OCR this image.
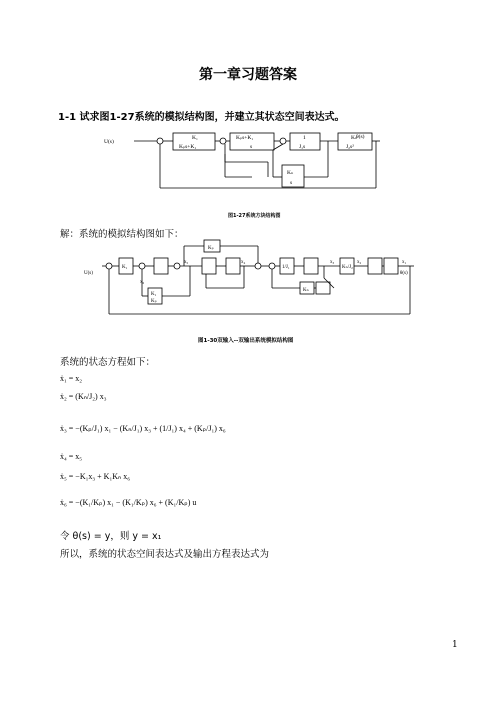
第一章习题答案
1-1 试求图1-27系统的模拟结构图，并建立其状态空间表达式。
U(s)
θ(s)
K₁
Kₚs+K₁
Kₚs+K₁
s
1
J₁s
Kₙ
J₂s²
Kₙ
s
图1-27系统方块结构图
解：系统的模拟结构图如下：
U(s)	θ(s)
Kₚ
K₁
K₁
Kₚ
x₅	x₄	x₃	x₂	x₁
x₆
Kₙ
1/J₁	Kₙ/J₂
图1-30双输入--双输出系统模拟结构图
系统的状态方程如下：
ẋ₁ = x₂
ẋ₂ = (Kₙ/J₂) x₃
ẋ₃ = −(Kₚ/J₁) x₁ − (Kₙ/J₁) x₃ + (1/J₁) x₄ + (Kₚ/J₁) x₆
ẋ₄ = x₅
ẋ₅ = −K₁x₃ + K₁Kₙ x₆
ẋ₆ = −(K₁/Kₚ) x₁ − (K₁/Kₚ) x₆ + (K₁/Kₚ) u
令 θ(s) = y，则 y = x₁
所以，系统的状态空间表达式及输出方程表达式为
1
